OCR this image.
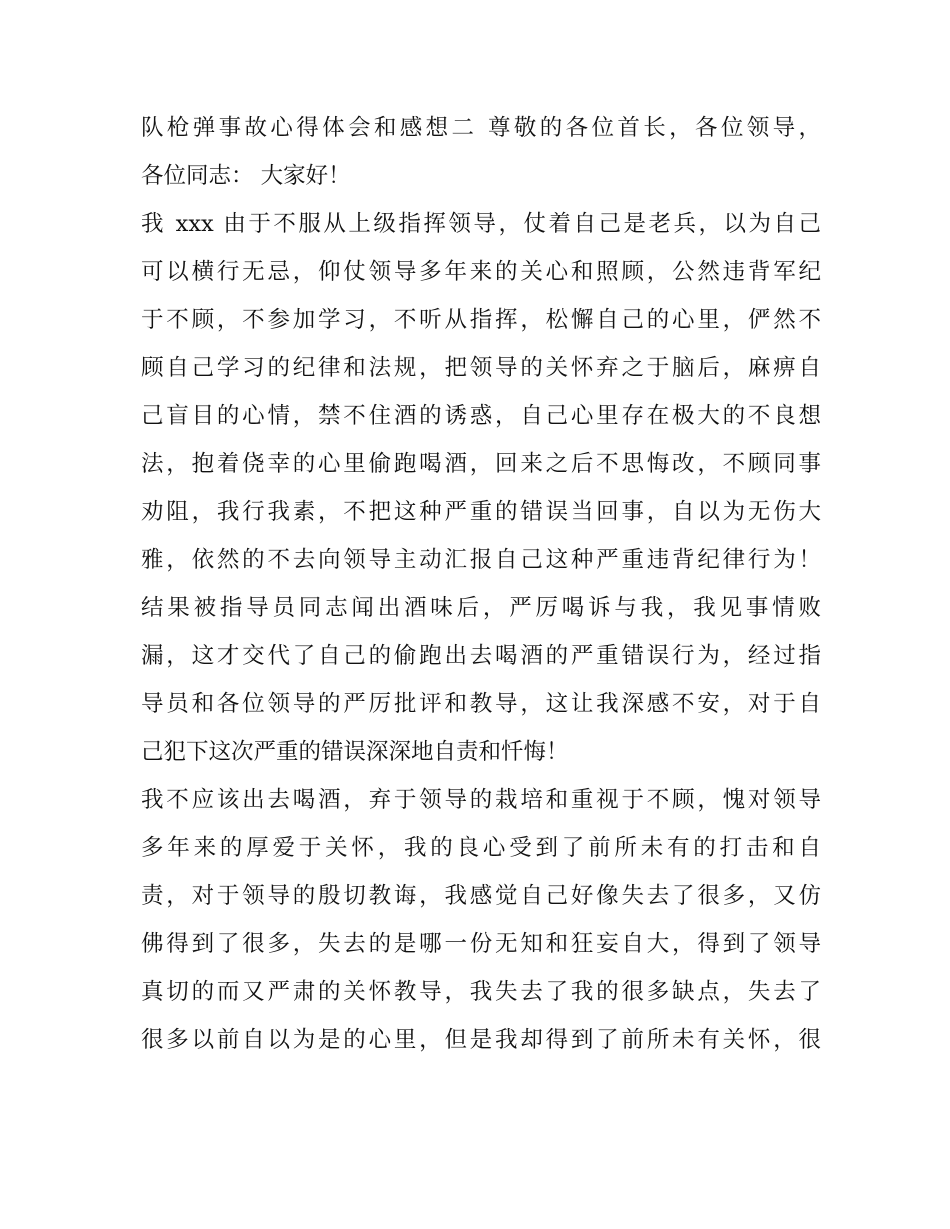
队枪弹事故心得体会和感想二 尊敬的各位首长，各位领导，
各位同志： 大家好！
我 xxx 由于不服从上级指挥领导，仗着自己是老兵，以为自己
可以横行无忌，仰仗领导多年来的关心和照顾，公然违背军纪
于不顾，不参加学习，不听从指挥，松懈自己的心里，俨然不
顾自己学习的纪律和法规，把领导的关怀弃之于脑后，麻痹自
己盲目的心情，禁不住酒的诱惑，自己心里存在极大的不良想
法，抱着侥幸的心里偷跑喝酒，回来之后不思悔改，不顾同事
劝阻，我行我素，不把这种严重的错误当回事，自以为无伤大
雅，依然的不去向领导主动汇报自己这种严重违背纪律行为！
结果被指导员同志闻出酒味后，严厉喝诉与我，我见事情败
漏，这才交代了自己的偷跑出去喝酒的严重错误行为，经过指
导员和各位领导的严厉批评和教导，这让我深感不安，对于自
己犯下这次严重的错误深深地自责和忏悔！
我不应该出去喝酒，弃于领导的栽培和重视于不顾，愧对领导
多年来的厚爱于关怀，我的良心受到了前所未有的打击和自
责，对于领导的殷切教诲，我感觉自己好像失去了很多，又仿
佛得到了很多，失去的是哪一份无知和狂妄自大，得到了领导
真切的而又严肃的关怀教导，我失去了我的很多缺点，失去了
很多以前自以为是的心里，但是我却得到了前所未有关怀，很
